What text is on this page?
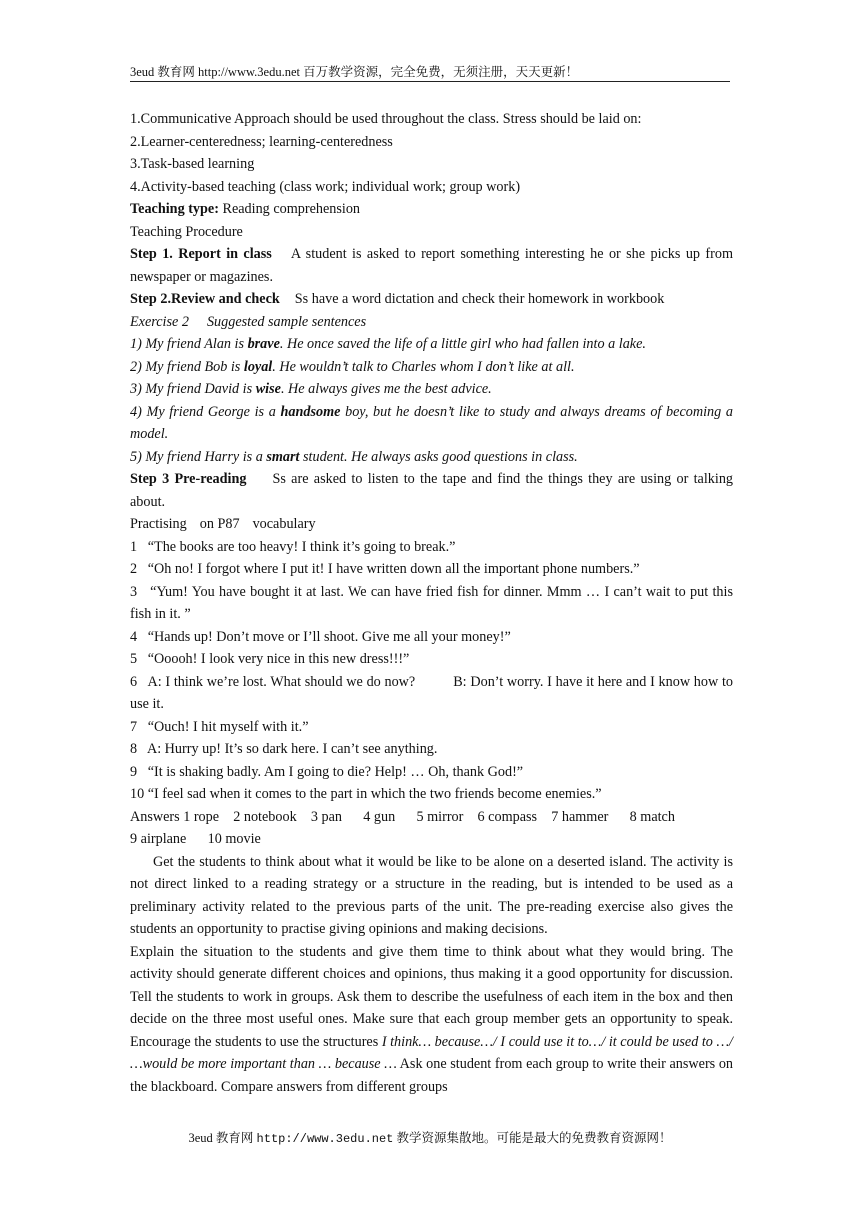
3eud 教育网 http://www.3edu.net 百万教学资源，完全免费，无须注册，天天更新！

1.Communicative Approach should be used throughout the class. Stress should be laid on:

2.Learner-centeredness; learning-centeredness

3.Task-based learning

4.Activity-based teaching (class work; individual work; group work)

Teaching type: Reading comprehension

Teaching Procedure

Step 1. Report in class A student is asked to report something interesting he or she picks up from newspaper or magazines.

Step 2.Review and check Ss have a word dictation and check their homework in workbook

Exercise 2 Suggested sample sentences

1) My friend Alan is brave. He once saved the life of a little girl who had fallen into a lake.

2) My friend Bob is loyal. He wouldn’t talk to Charles whom I don’t like at all.

3) My friend David is wise. He always gives me the best advice.

4) My friend George is a handsome boy, but he doesn’t like to study and always dreams of becoming a model.

5) My friend Harry is a smart student. He always asks good questions in class.

Step 3 Pre-reading Ss are asked to listen to the tape and find the things they are using or talking about.

Practising on P87 vocabulary

1   “The books are too heavy! I think it’s going to break.”

2   “Oh no! I forgot where I put it! I have written down all the important phone numbers.”

3   “Yum! You have bought it at last. We can have fried fish for dinner. Mmm … I can’t wait to put this fish in it. ”

4   “Hands up! Don’t move or I’ll shoot. Give me all your money!”

5   “Ooooh! I look very nice in this new dress!!!”

6   A: I think we’re lost. What should we do now?	B: Don’t worry. I have it here and I know how to use it.

7   “Ouch! I hit myself with it.”

8   A: Hurry up! It’s so dark here. I can’t see anything.

9   “It is shaking badly. Am I going to die? Help! … Oh, thank God!”

10 “I feel sad when it comes to the part in which the two friends become enemies.”

Answers 1 rope    2 notebook    3 pan      4 gun      5 mirror    6 compass    7 hammer      8 match

9 airplane      10 movie

Get the students to think about what it would be like to be alone on a deserted island. The activity is not direct linked to a reading strategy or a structure in the reading, but is intended to be used as a preliminary activity related to the previous parts of the unit. The pre-reading exercise also gives the students an opportunity to practise giving opinions and making decisions.

Explain the situation to the students and give them time to think about what they would bring. The activity should generate different choices and opinions, thus making it a good opportunity for discussion. Tell the students to work in groups. Ask them to describe the usefulness of each item in the box and then decide on the three most useful ones. Make sure that each group member gets an opportunity to speak. Encourage the students to use the structures I think… because…/ I could use it to…/ it could be used to …/ …would be more important than … because … Ask one student from each group to write their answers on the blackboard. Compare answers from different groups

3eud 教育网 http://www.3edu.net 教学资源集散地。可能是最大的免费教育资源网！
